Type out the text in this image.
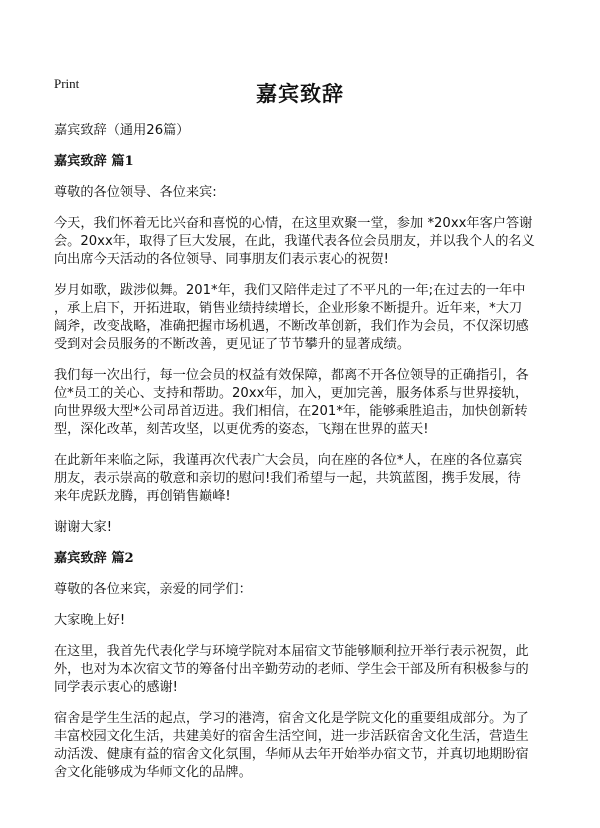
Print	嘉宾致辞

嘉宾致辞（通用26篇）

嘉宾致辞 篇1

尊敬的各位领导、各位来宾:

今天，我们怀着无比兴奋和喜悦的心情，在这里欢聚一堂，参加 *20xx年客户答谢
会。20xx年，取得了巨大发展，在此，我谨代表各位会员朋友，并以我个人的名义
向出席今天活动的各位领导、同事朋友们表示衷心的祝贺!

岁月如歌，跋涉似舞。201*年，我们又陪伴走过了不平凡的一年;在过去的一年中
，承上启下，开拓进取，销售业绩持续增长，企业形象不断提升。近年来，*大刀
阔斧，改变战略，准确把握市场机遇，不断改革创新，我们作为会员，不仅深切感
受到对会员服务的不断改善，更见证了节节攀升的显著成绩。

我们每一次出行，每一位会员的权益有效保障，都离不开各位领导的正确指引，各
位*员工的关心、支持和帮助。20xx年，加入，更加完善，服务体系与世界接轨，
向世界级大型*公司昂首迈进。我们相信，在201*年，能够乘胜追击，加快创新转
型，深化改革，刻苦攻坚，以更优秀的姿态，飞翔在世界的蓝天!

在此新年来临之际，我谨再次代表广大会员，向在座的各位*人，在座的各位嘉宾
朋友，表示崇高的敬意和亲切的慰问!我们希望与一起，共筑蓝图，携手发展，待
来年虎跃龙腾，再创销售巅峰!

谢谢大家!

嘉宾致辞 篇2

尊敬的各位来宾，亲爱的同学们：

大家晚上好!

在这里，我首先代表化学与环境学院对本届宿文节能够顺利拉开举行表示祝贺，此
外，也对为本次宿文节的筹备付出辛勤劳动的老师、学生会干部及所有积极参与的
同学表示衷心的感谢!

宿舍是学生生活的起点，学习的港湾，宿舍文化是学院文化的重要组成部分。为了
丰富校园文化生活，共建美好的宿舍生活空间，进一步活跃宿舍文化生活，营造生
动活泼、健康有益的宿舍文化氛围，华师从去年开始举办宿文节，并真切地期盼宿
舍文化能够成为华师文化的品牌。
